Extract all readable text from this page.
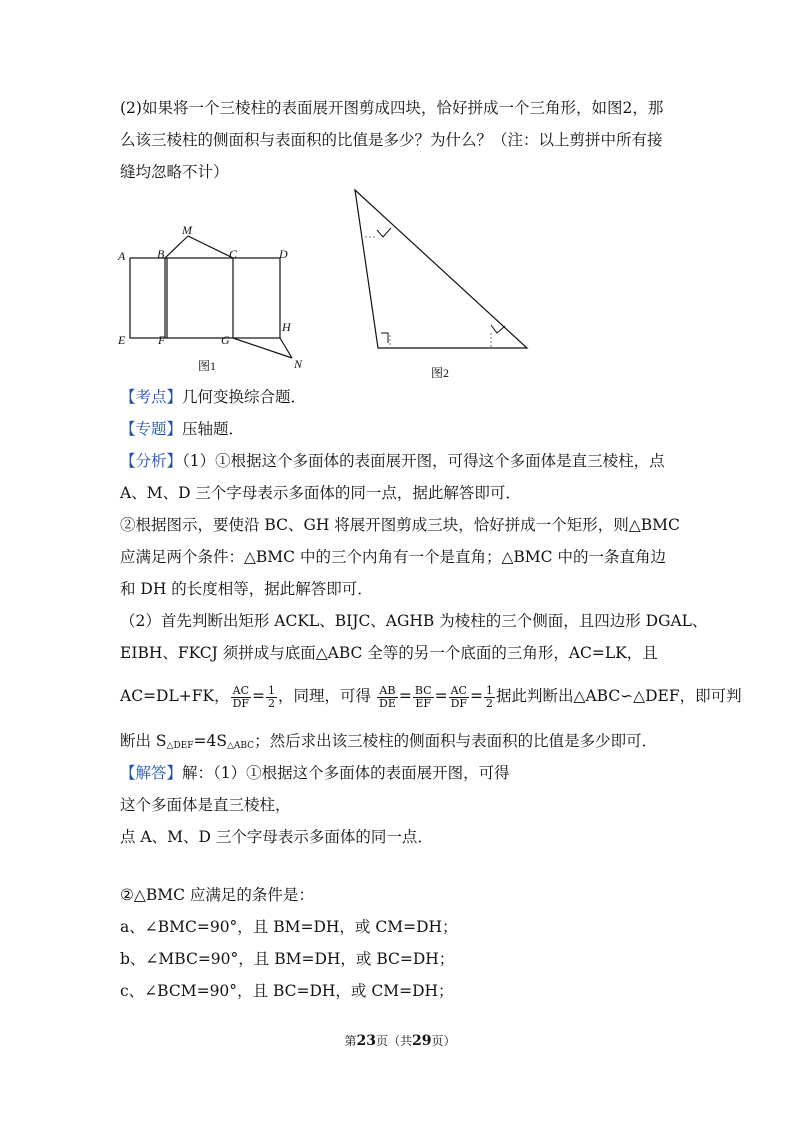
(2)如果将一个三棱柱的表面展开图剪成四块，恰好拼成一个三角形，如图2，那
么该三棱柱的侧面积与表面积的比值是多少？为什么？（注：以上剪拼中所有接
缝均忽略不计）
A	B
M
C	D
E	F	G
H
N
图1	图2
【考点】几何变换综合题．
【专题】压轴题．
【分析】（1）①根据这个多面体的表面展开图，可得这个多面体是直三棱柱，点
A、M、D 三个字母表示多面体的同一点，据此解答即可．
②根据图示，要使沿 BC、GH 将展开图剪成三块，恰好拼成一个矩形，则△BMC
应满足两个条件：△BMC 中的三个内角有一个是直角；△BMC 中的一条直角边
和 DH 的长度相等，据此解答即可．
（2）首先判断出矩形 ACKL、BIJC、AGHB 为棱柱的三个侧面，且四边形 DGAL、
EIBH、FKCJ 须拼成与底面△ABC 全等的另一个底面的三角形，AC=LK，且
AC=DL+FK， $\frac{AC}{DF} = \frac{1}{2}$ ，同理，可得 $\frac{AB}{DE} = \frac{BC}{EF} = \frac{AC}{DF} = \frac{1}{2}$ 据此判断出△ABC∽△DEF，即可判
断出 $S_{\triangle DEF}=4S_{\triangle ABC}$；然后求出该三棱柱的侧面积与表面积的比值是多少即可．
【解答】解：（1）①根据这个多面体的表面展开图，可得
这个多面体是直三棱柱，
点 A、M、D 三个字母表示多面体的同一点．
②△BMC 应满足的条件是：
a、∠BMC=90°，且 BM=DH，或 CM=DH；
b、∠MBC=90°，且 BM=DH，或 BC=DH；
c、∠BCM=90°，且 BC=DH，或 CM=DH；
第23页（共29页）
